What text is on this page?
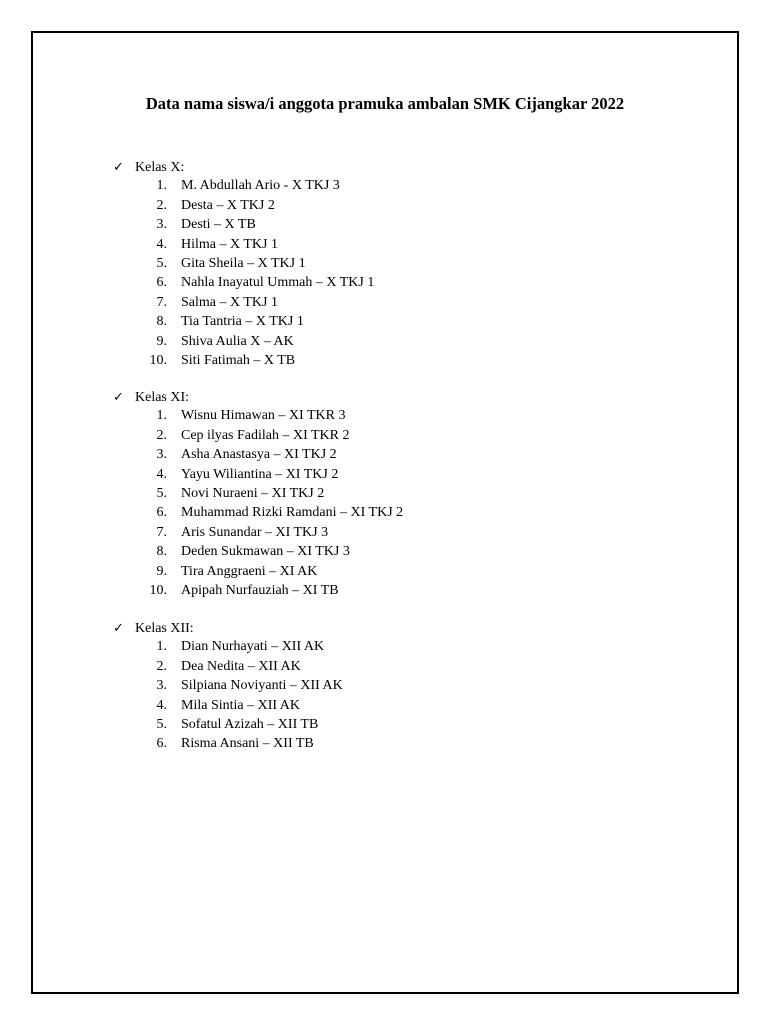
Data nama siswa/i anggota pramuka ambalan SMK Cijangkar 2022
✓ Kelas X:
1. M. Abdullah Ario - X TKJ 3
2. Desta – X TKJ 2
3. Desti – X TB
4. Hilma – X TKJ 1
5. Gita Sheila – X TKJ 1
6. Nahla Inayatul Ummah – X TKJ 1
7. Salma – X TKJ 1
8. Tia Tantria – X TKJ 1
9. Shiva Aulia X – AK
10. Siti Fatimah – X TB
✓ Kelas XI:
1. Wisnu Himawan – XI TKR 3
2. Cep ilyas Fadilah – XI TKR 2
3. Asha Anastasya – XI TKJ 2
4. Yayu Wiliantina – XI TKJ 2
5. Novi Nuraeni – XI TKJ 2
6. Muhammad Rizki Ramdani – XI TKJ 2
7. Aris Sunandar – XI TKJ 3
8. Deden Sukmawan – XI TKJ 3
9. Tira Anggraeni – XI AK
10. Apipah Nurfauziah – XI TB
✓ Kelas XII:
1. Dian Nurhayati – XII AK
2. Dea Nedita – XII AK
3. Silpiana Noviyanti – XII AK
4. Mila Sintia – XII AK
5. Sofatul Azizah – XII TB
6. Risma Ansani – XII TB
